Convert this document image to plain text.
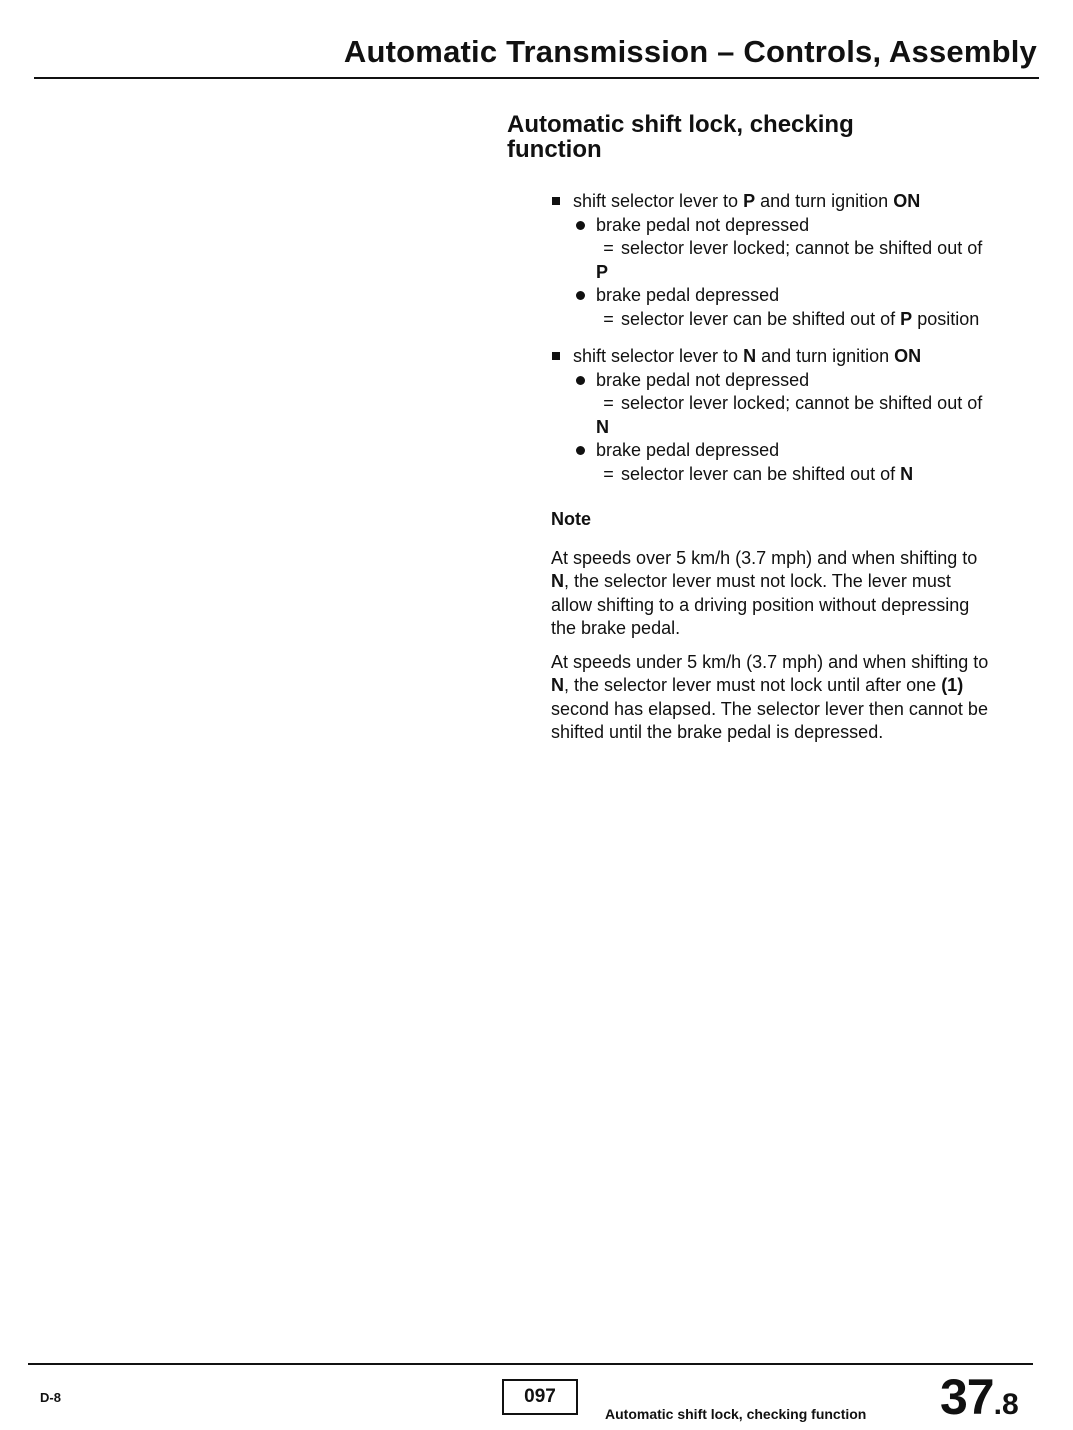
Automatic Transmission – Controls, Assembly
Automatic shift lock, checking function
shift selector lever to P and turn ignition ON
brake pedal not depressed
= selector lever locked; cannot be shifted out of P
brake pedal depressed
= selector lever can be shifted out of P position
shift selector lever to N and turn ignition ON
brake pedal not depressed
= selector lever locked; cannot be shifted out of N
brake pedal depressed
= selector lever can be shifted out of N
Note
At speeds over 5 km/h (3.7 mph) and when shifting to N, the selector lever must not lock. The lever must allow shifting to a driving position without depressing the brake pedal.
At speeds under 5 km/h (3.7 mph) and when shifting to N, the selector lever must not lock until after one (1) second has elapsed. The selector lever then cannot be shifted until the brake pedal is depressed.
D-8	097
Automatic shift lock, checking function 37.8
